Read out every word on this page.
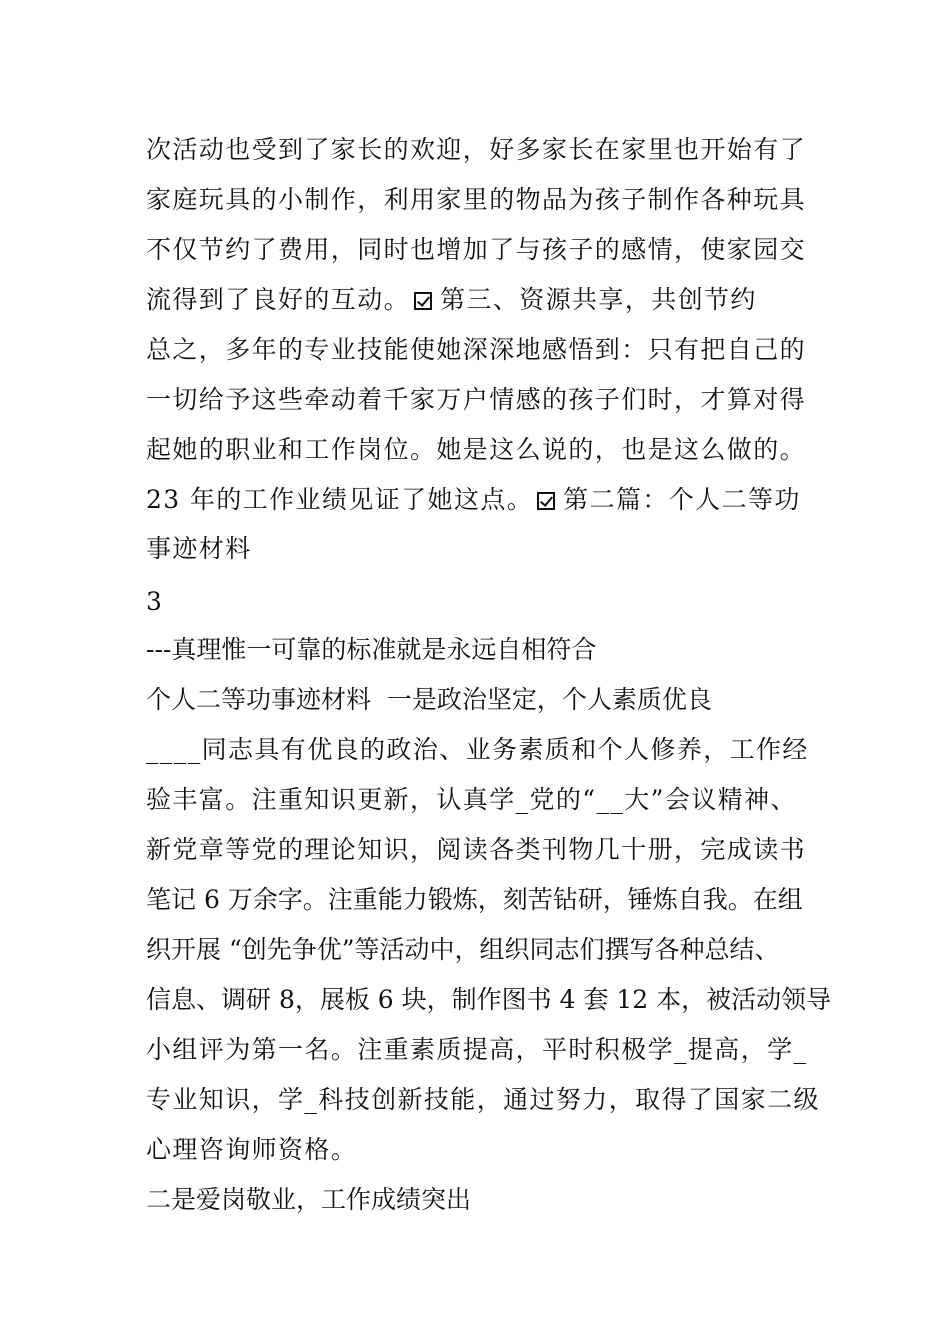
次活动也受到了家长的欢迎，好多家长在家里也开始有了
家庭玩具的小制作，利用家里的物品为孩子制作各种玩具
不仅节约了费用，同时也增加了与孩子的感情，使家园交
流得到了良好的互动。 第三、资源共享，共创节约
总之，多年的专业技能使她深深地感悟到：只有把自己的
一切给予这些牵动着千家万户情感的孩子们时，才算对得
起她的职业和工作岗位。她是这么说的，也是这么做的。
23 年的工作业绩见证了她这点。 第二篇：个人二等功
事迹材料
3
---真理惟一可靠的标准就是永远自相符合
个人二等功事迹材料  一是政治坚定，个人素质优良
____同志具有优良的政治、业务素质和个人修养，工作经
验丰富。注重知识更新，认真学_党的“__大”会议精神、
新党章等党的理论知识，阅读各类刊物几十册，完成读书
笔记 6 万余字。注重能力锻炼，刻苦钻研，锤炼自我。在组
织开展 “创先争优”等活动中，组织同志们撰写各种总结、
信息、调研 8，展板 6 块，制作图书 4 套 12 本，被活动领导
小组评为第一名。注重素质提高，平时积极学_提高，学_
专业知识，学_科技创新技能，通过努力，取得了国家二级
心理咨询师资格。
二是爱岗敬业，工作成绩突出
